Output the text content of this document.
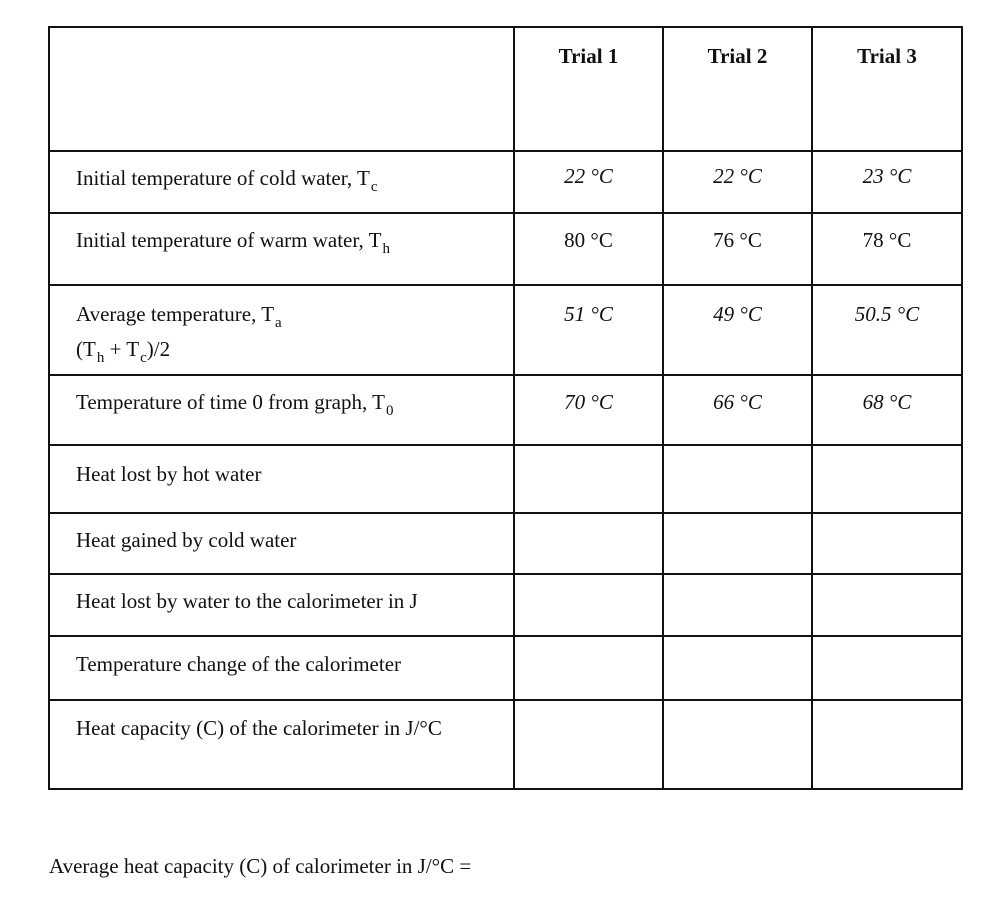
	Trial 1	Trial 2	Trial 3
Initial temperature of cold water, $T_c$	22 °C	22 °C	23 °C
Initial temperature of warm water, $T_h$	80 °C	76 °C	78 °C
Average temperature, $T_a$
$(T_h + T_c)/2$	51 °C	49 °C	50.5 °C
Temperature of time 0 from graph, $T_0$	70 °C	66 °C	68 °C
Heat lost by hot water			
Heat gained by cold water			
Heat lost by water to the calorimeter in J			
Temperature change of the calorimeter			
Heat capacity (C) of the calorimeter in J/°C			
Average heat capacity (C) of calorimeter in J/°C =
